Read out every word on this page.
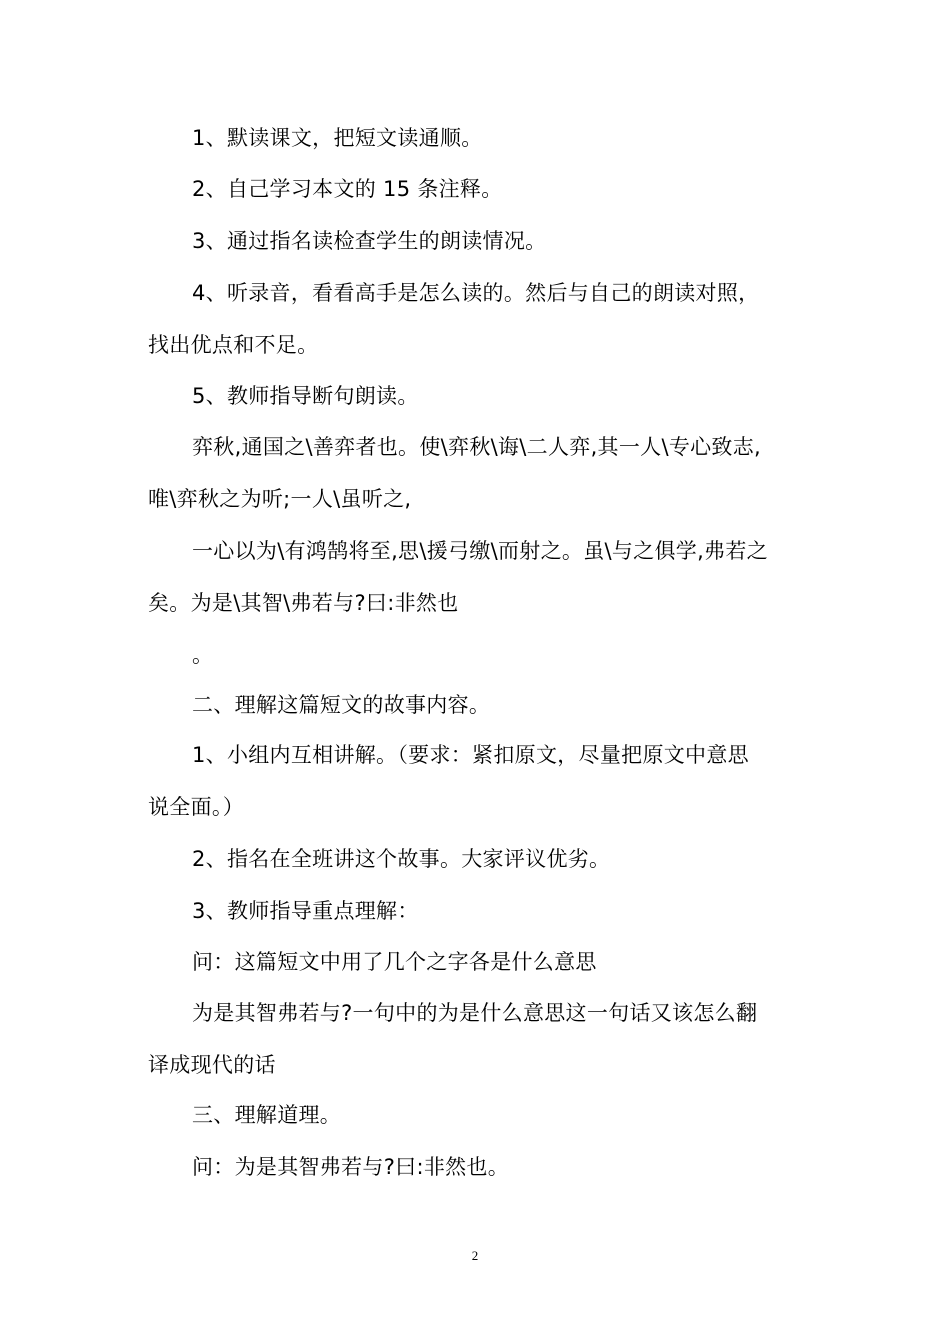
1、默读课文，把短文读通顺。
2、自己学习本文的 15 条注释。
3、通过指名读检查学生的朗读情况。
4、听录音，看看高手是怎么读的。然后与自己的朗读对照，
找出优点和不足。
5、教师指导断句朗读。
弈秋,通国之\善弈者也。使\弈秋\诲\二人弈,其一人\专心致志,
唯\弈秋之为听;一人\虽听之,
一心以为\有鸿鹄将至,思\援弓缴\而射之。虽\与之俱学,弗若之
矣。为是\其智\弗若与?曰:非然也
。
二、理解这篇短文的故事内容。
1、小组内互相讲解。（要求：紧扣原文，尽量把原文中意思
说全面。）
2、指名在全班讲这个故事。大家评议优劣。
3、教师指导重点理解：
问：这篇短文中用了几个之字各是什么意思
为是其智弗若与?一句中的为是什么意思这一句话又该怎么翻
译成现代的话
三、理解道理。
问：为是其智弗若与?曰:非然也。
2
